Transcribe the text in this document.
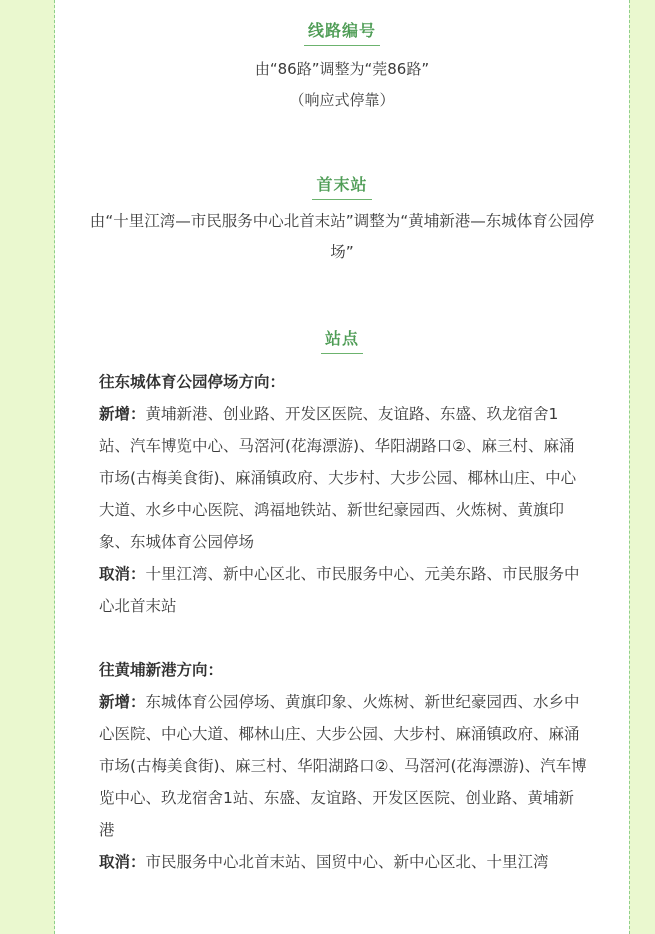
线路编号
由“86路”调整为“莞86路”
（响应式停靠）
首末站
由“十里江湾—市民服务中心北首末站”调整为“黄埔新港—东城体育公园停场”
站点
往东城体育公园停场方向：
新增：黄埔新港、创业路、开发区医院、友谊路、东盛、玖龙宿舍1站、汽车博览中心、马滘河(花海漂游)、华阳湖路口②、麻三村、麻涌市场(古梅美食街)、麻涌镇政府、大步村、大步公园、椰林山庄、中心大道、水乡中心医院、鸿福地铁站、新世纪豪园西、火炼树、黄旗印象、东城体育公园停场
取消：十里江湾、新中心区北、市民服务中心、元美东路、市民服务中心北首末站
往黄埔新港方向：
新增：东城体育公园停场、黄旗印象、火炼树、新世纪豪园西、水乡中心医院、中心大道、椰林山庄、大步公园、大步村、麻涌镇政府、麻涌市场(古梅美食街)、麻三村、华阳湖路口②、马滘河(花海漂游)、汽车博览中心、玖龙宿舍1站、东盛、友谊路、开发区医院、创业路、黄埔新港
取消：市民服务中心北首末站、国贸中心、新中心区北、十里江湾
